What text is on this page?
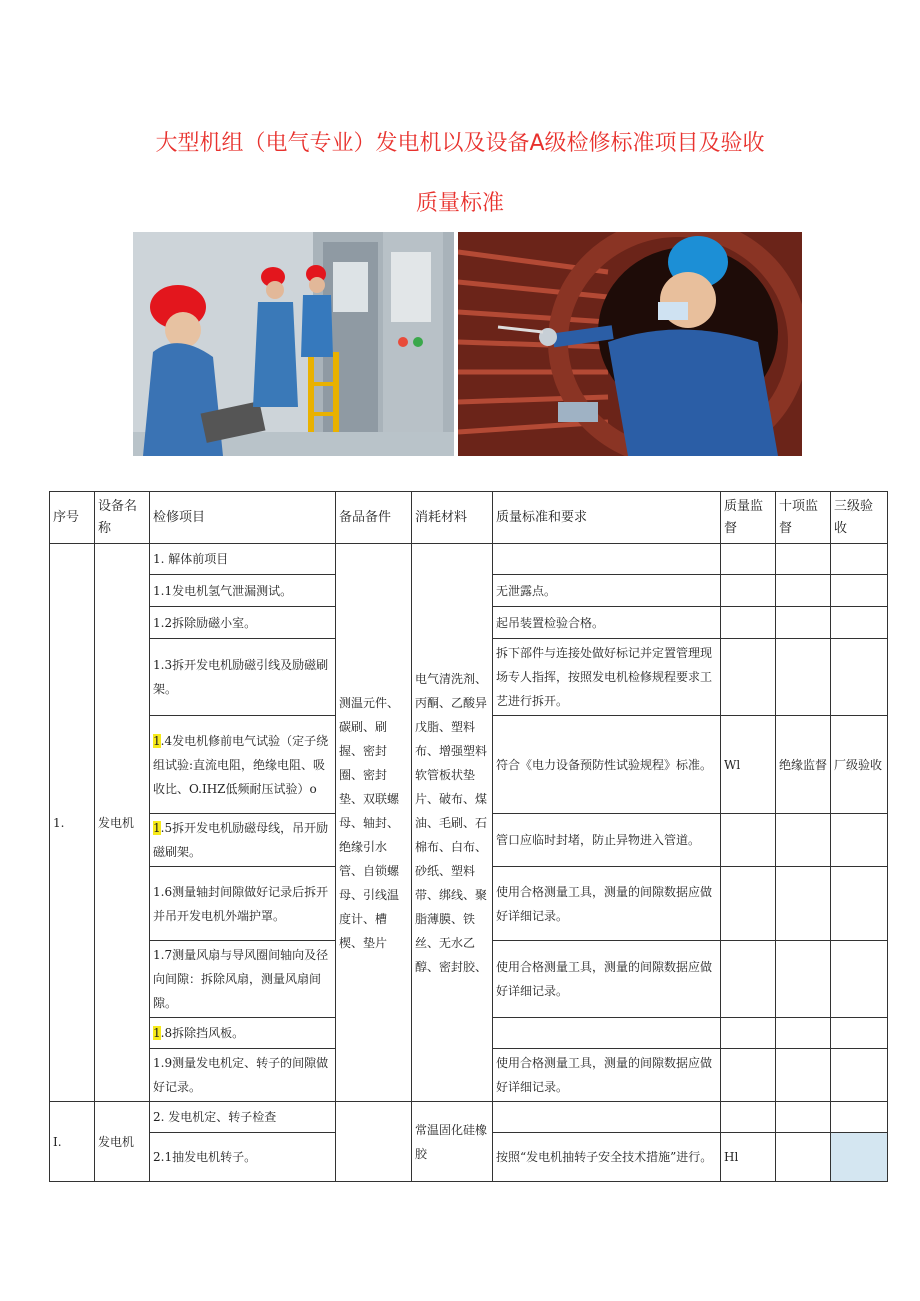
大型机组（电气专业）发电机以及设备A级检修标准项目及验收
质量标准
序号	设备名称	检修项目	备品备件	消耗材料	质量标准和要求	质量监督	十项监督	三级验收
1.	发电机	1. 解体前项目	测温元件、碳刷、刷握、密封圈、密封垫、双联螺母、轴封、绝缘引水管、自锁螺母、引线温度计、槽楔、垫片	电气清洗剂、丙酮、乙酸异戊脂、塑料布、增强塑料软管板状垫片、破布、煤油、毛刷、石棉布、白布、砂纸、塑料带、绑线、聚脂薄膜、铁丝、无水乙醇、密封胶、				
		1.1发电机氢气泄漏测试。			无泄露点。			
		1.2拆除励磁小室。			起吊装置检验合格。			
		1.3拆开发电机励磁引线及励磁刷架。			拆下部件与连接处做好标记并定置管理现场专人指挥，按照发电机检修规程要求工艺进行拆开。			
		1.4发电机修前电气试验（定子绕组试验:直流电阻，绝缘电阻、吸收比、O.IHZ低频耐压试验）o			符合《电力设备预防性试验规程》标准。	Wl	绝缘监督	厂级验收
		1.5拆开发电机励磁母线，吊开励磁刷架。			管口应临时封堵，防止异物进入管道。			
		1.6测量轴封间隙做好记录后拆开并吊开发电机外端护罩。			使用合格测量工具，测量的间隙数据应做好详细记录。			
		1.7测量风扇与导风圈间轴向及径向间隙：拆除风扇，测量风扇间隙。			使用合格测量工具，测量的间隙数据应做好详细记录。			
		1.8拆除挡风板。						
		1.9测量发电机定、转子的间隙做好记录。			使用合格测量工具，测量的间隙数据应做好详细记录。			
I.	发电机	2. 发电机定、转子检查		常温固化硅橡胶				
		2.1抽发电机转子。			按照“发电机抽转子安全技术措施”进行。	Hl		
